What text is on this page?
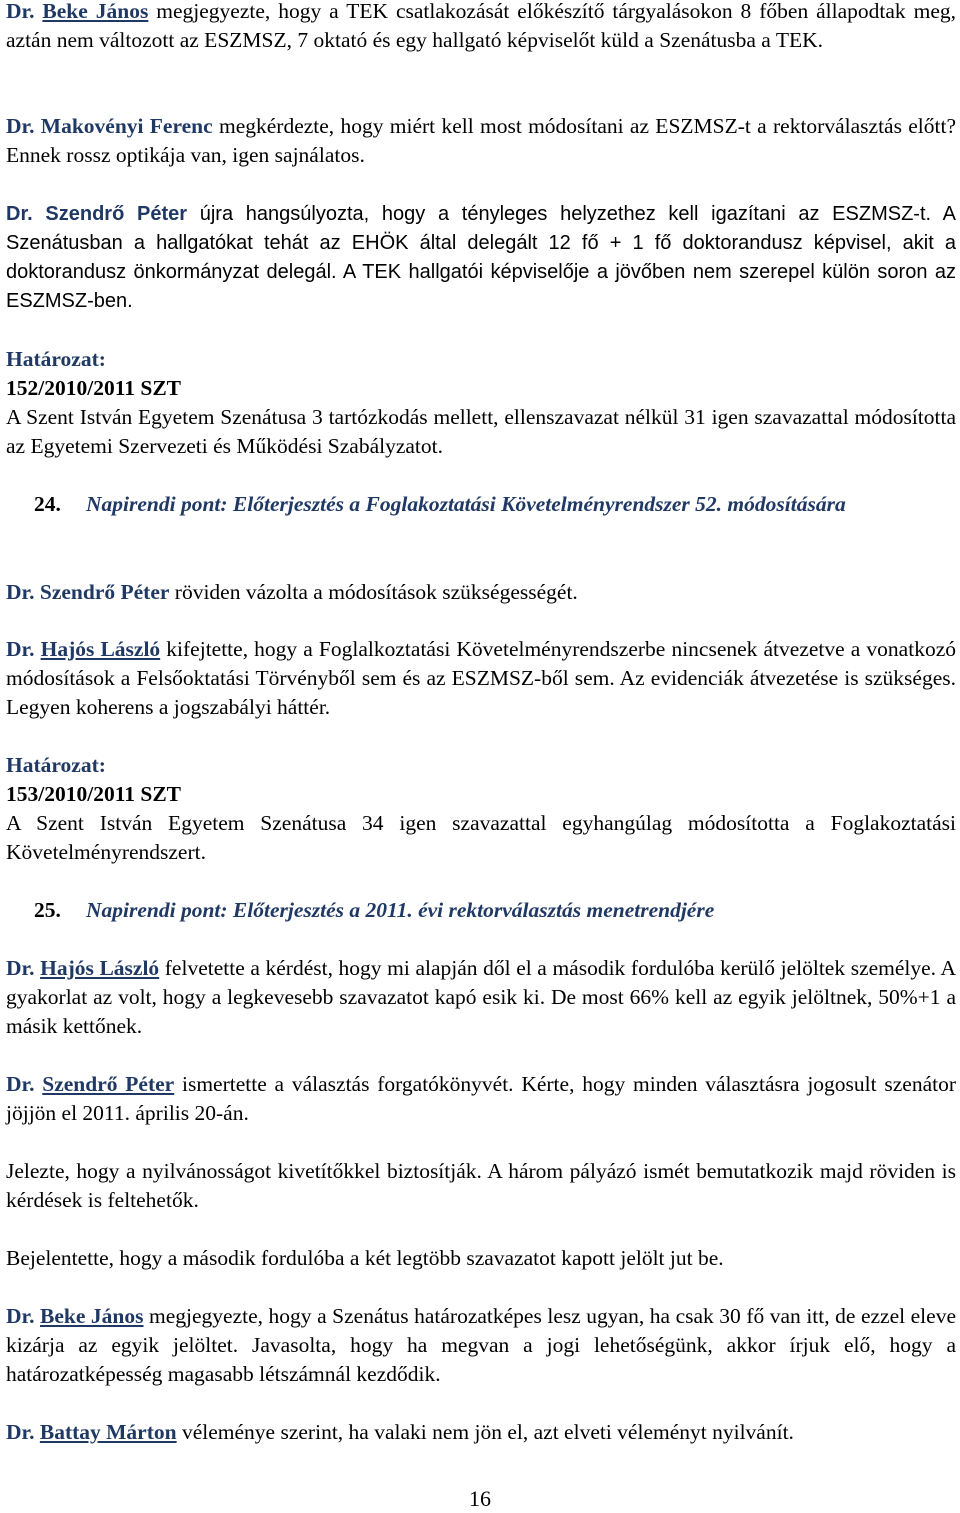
Dr. Beke János megjegyezte, hogy a TEK csatlakozását előkészítő tárgyalásokon 8 főben állapodtak meg, aztán nem változott az ESZMSZ, 7 oktató és egy hallgató képviselőt küld a Szenátusba a TEK.

Dr. Makovényi Ferenc megkérdezte, hogy miért kell most módosítani az ESZMSZ-t a rektorválasztás előtt? Ennek rossz optikája van, igen sajnálatos.

Dr. Szendrő Péter újra hangsúlyozta, hogy a tényleges helyzethez kell igazítani az ESZMSZ-t. A Szenátusban a hallgatókat tehát az EHÖK által delegált 12 fő + 1 fő doktorandusz képvisel, akit a doktorandusz önkormányzat delegál. A TEK hallgatói képviselője a jövőben nem szerepel külön soron az ESZMSZ-ben.

Határozat:
152/2010/2011 SZT
A Szent István Egyetem Szenátusa 3 tartózkodás mellett, ellenszavazat nélkül 31 igen szavazattal módosította az Egyetemi Szervezeti és Működési Szabályzatot.

24. Napirendi pont: Előterjesztés a Foglakoztatási Követelményrendszer 52. módosítására

Dr. Szendrő Péter röviden vázolta a módosítások szükségességét.

Dr. Hajós László kifejtette, hogy a Foglalkoztatási Követelményrendszerbe nincsenek átvezetve a vonatkozó módosítások a Felsőoktatási Törvényből sem és az ESZMSZ-ből sem. Az evidenciák átvezetése is szükséges. Legyen koherens a jogszabályi háttér.

Határozat:
153/2010/2011 SZT
A Szent István Egyetem Szenátusa 34 igen szavazattal egyhangúlag módosította a Foglakoztatási Követelményrendszert.

25. Napirendi pont: Előterjesztés a 2011. évi rektorválasztás menetrendjére

Dr. Hajós László felvetette a kérdést, hogy mi alapján dől el a második fordulóba kerülő jelöltek személye. A gyakorlat az volt, hogy a legkevesebb szavazatot kapó esik ki. De most 66% kell az egyik jelöltnek, 50%+1 a másik kettőnek.

Dr. Szendrő Péter ismertette a választás forgatókönyvét. Kérte, hogy minden választásra jogosult szenátor jöjjön el 2011. április 20-án.

Jelezte, hogy a nyilvánosságot kivetítőkkel biztosítják. A három pályázó ismét bemutatkozik majd röviden is kérdések is feltehetők.

Bejelentette, hogy a második fordulóba a két legtöbb szavazatot kapott jelölt jut be.

Dr. Beke János megjegyezte, hogy a Szenátus határozatképes lesz ugyan, ha csak 30 fő van itt, de ezzel eleve kizárja az egyik jelöltet. Javasolta, hogy ha megvan a jogi lehetőségünk, akkor írjuk elő, hogy a határozatképesség magasabb létszámnál kezdődik.

Dr. Battay Márton véleménye szerint, ha valaki nem jön el, azt elveti véleményt nyilvánít.

16
